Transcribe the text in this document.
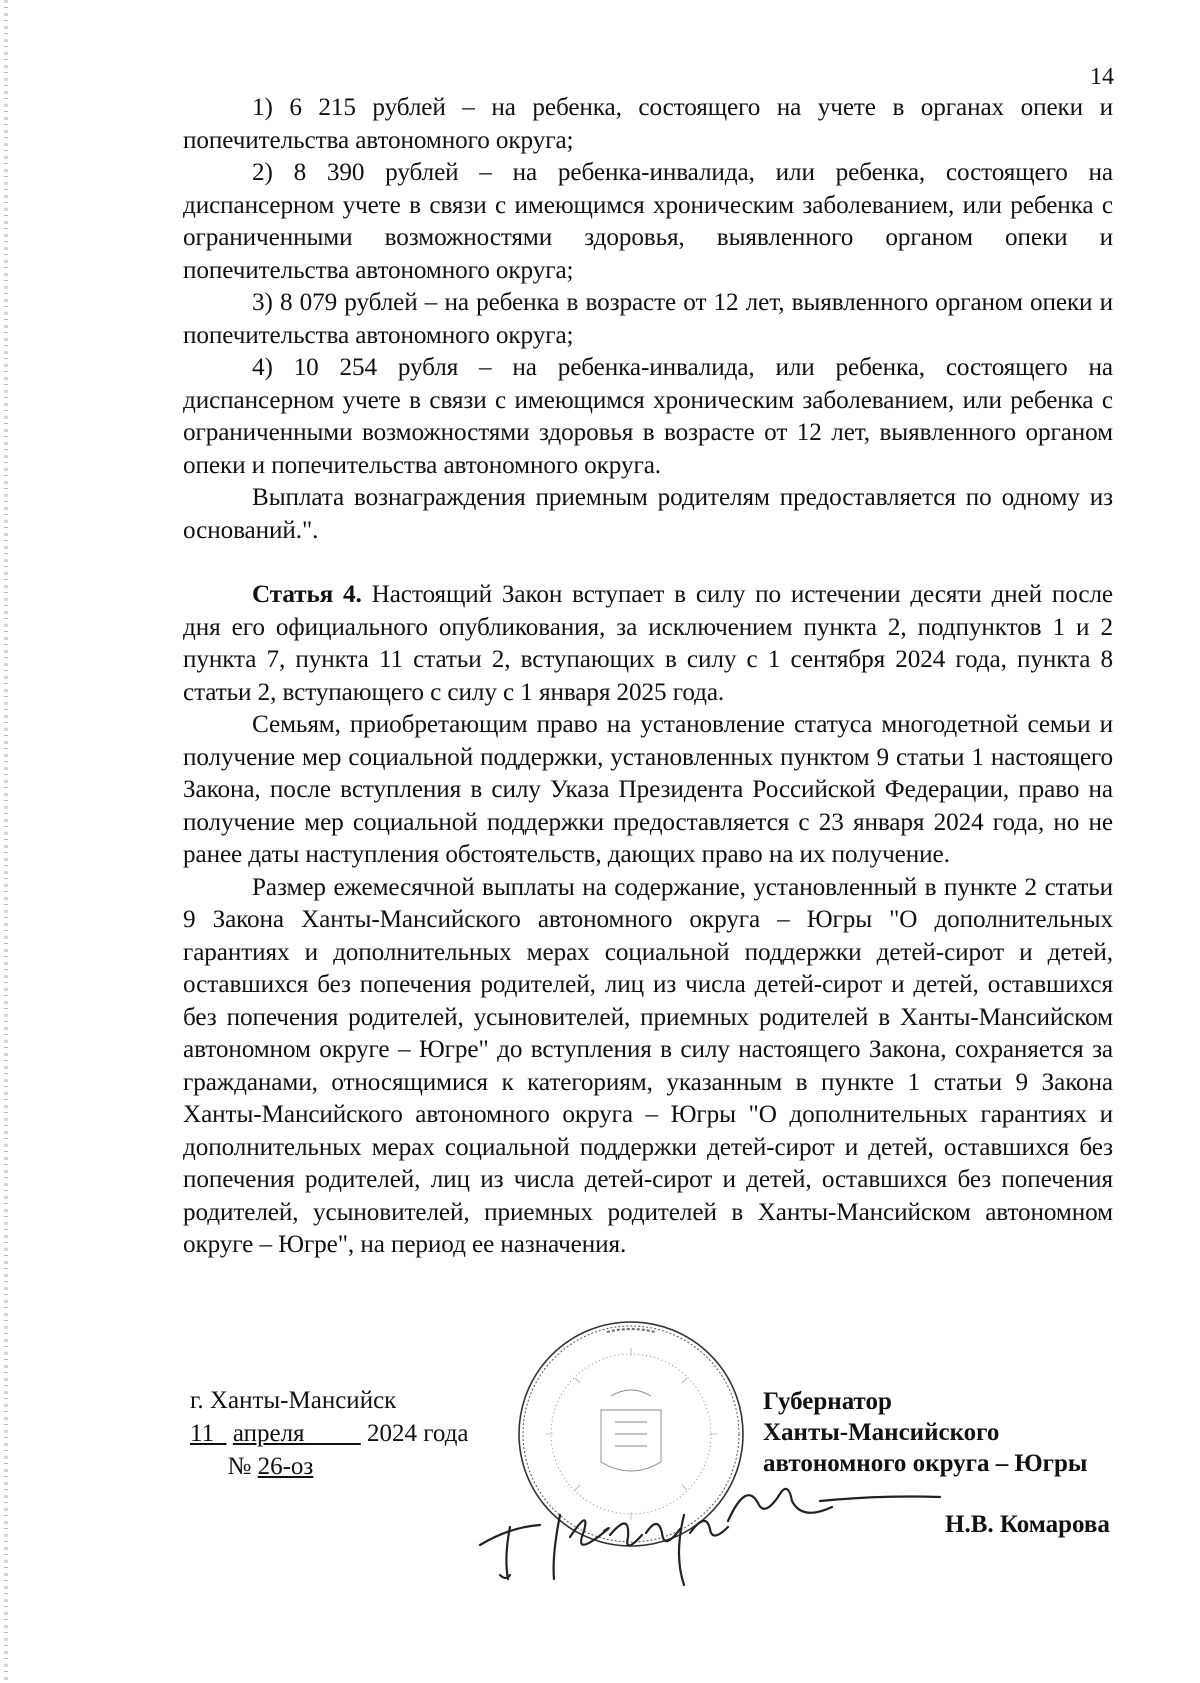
14

1) 6 215 рублей – на ребенка, состоящего на учете в органах опеки и попечительства автономного округа;

2) 8 390 рублей – на ребенка-инвалида, или ребенка, состоящего на диспансерном учете в связи с имеющимся хроническим заболеванием, или ребенка с ограниченными возможностями здоровья, выявленного органом опеки и попечительства автономного округа;

3) 8 079 рублей – на ребенка в возрасте от 12 лет, выявленного органом опеки и попечительства автономного округа;

4) 10 254 рубля – на ребенка-инвалида, или ребенка, состоящего на диспансерном учете в связи с имеющимся хроническим заболеванием, или ребенка с ограниченными возможностями здоровья в возрасте от 12 лет, выявленного органом опеки и попечительства автономного округа.

Выплата вознаграждения приемным родителям предоставляется по одному из оснований.".

Статья 4. Настоящий Закон вступает в силу по истечении десяти дней после дня его официального опубликования, за исключением пункта 2, подпунктов 1 и 2 пункта 7, пункта 11 статьи 2, вступающих в силу с 1 сентября 2024 года, пункта 8 статьи 2, вступающего с силу с 1 января 2025 года.

Семьям, приобретающим право на установление статуса многодетной семьи и получение мер социальной поддержки, установленных пунктом 9 статьи 1 настоящего Закона, после вступления в силу Указа Президента Российской Федерации, право на получение мер социальной поддержки предоставляется с 23 января 2024 года, но не ранее даты наступления обстоятельств, дающих право на их получение.

Размер ежемесячной выплаты на содержание, установленный в пункте 2 статьи 9 Закона Ханты-Мансийского автономного округа – Югры "О дополнительных гарантиях и дополнительных мерах социальной поддержки детей-сирот и детей, оставшихся без попечения родителей, лиц из числа детей-сирот и детей, оставшихся без попечения родителей, усыновителей, приемных родителей в Ханты-Мансийском автономном округе – Югре" до вступления в силу настоящего Закона, сохраняется за гражданами, относящимися к категориям, указанным в пункте 1 статьи 9 Закона Ханты-Мансийского автономного округа – Югры "О дополнительных гарантиях и дополнительных мерах социальной поддержки детей-сирот и детей, оставшихся без попечения родителей, лиц из числа детей-сирот и детей, оставшихся без попечения родителей, усыновителей, приемных родителей в Ханты-Мансийском автономном округе – Югре", на период ее назначения.

г. Ханты-Мансийск
11 апреля	2024 года
№ 26-оз
Губернатор
Ханты-Мансийского
автономного округа – Югры
Н.В. Комарова
